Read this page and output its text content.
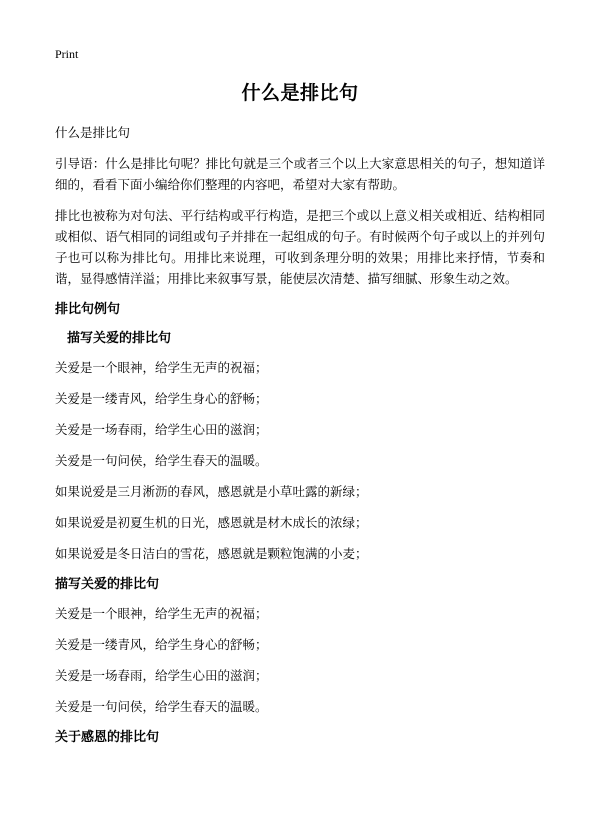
Print
什么是排比句

什么是排比句

引导语：什么是排比句呢？排比句就是三个或者三个以上大家意思相关的句子，想知道详细的，看看下面小编给你们整理的内容吧，希望对大家有帮助。

排比也被称为对句法、平行结构或平行构造，是把三个或以上意义相关或相近、结构相同或相似、语气相同的词组或句子并排在一起组成的句子。有时候两个句子或以上的并列句子也可以称为排比句。用排比来说理，可收到条理分明的效果；用排比来抒情，节奏和谐，显得感情洋溢；用排比来叙事写景，能使层次清楚、描写细腻、形象生动之效。

排比句例句

描写关爱的排比句

关爱是一个眼神，给学生无声的祝福；

关爱是一缕青风，给学生身心的舒畅；

关爱是一场春雨，给学生心田的滋润；

关爱是一句问侯，给学生春天的温暖。

如果说爱是三月淅沥的春风，感恩就是小草吐露的新绿；

如果说爱是初夏生机的日光，感恩就是材木成长的浓绿；

如果说爱是冬日洁白的雪花，感恩就是颗粒饱满的小麦；

描写关爱的排比句

关爱是一个眼神，给学生无声的祝福；

关爱是一缕青风，给学生身心的舒畅；

关爱是一场春雨，给学生心田的滋润；

关爱是一句问侯，给学生春天的温暖。

关于感恩的排比句
